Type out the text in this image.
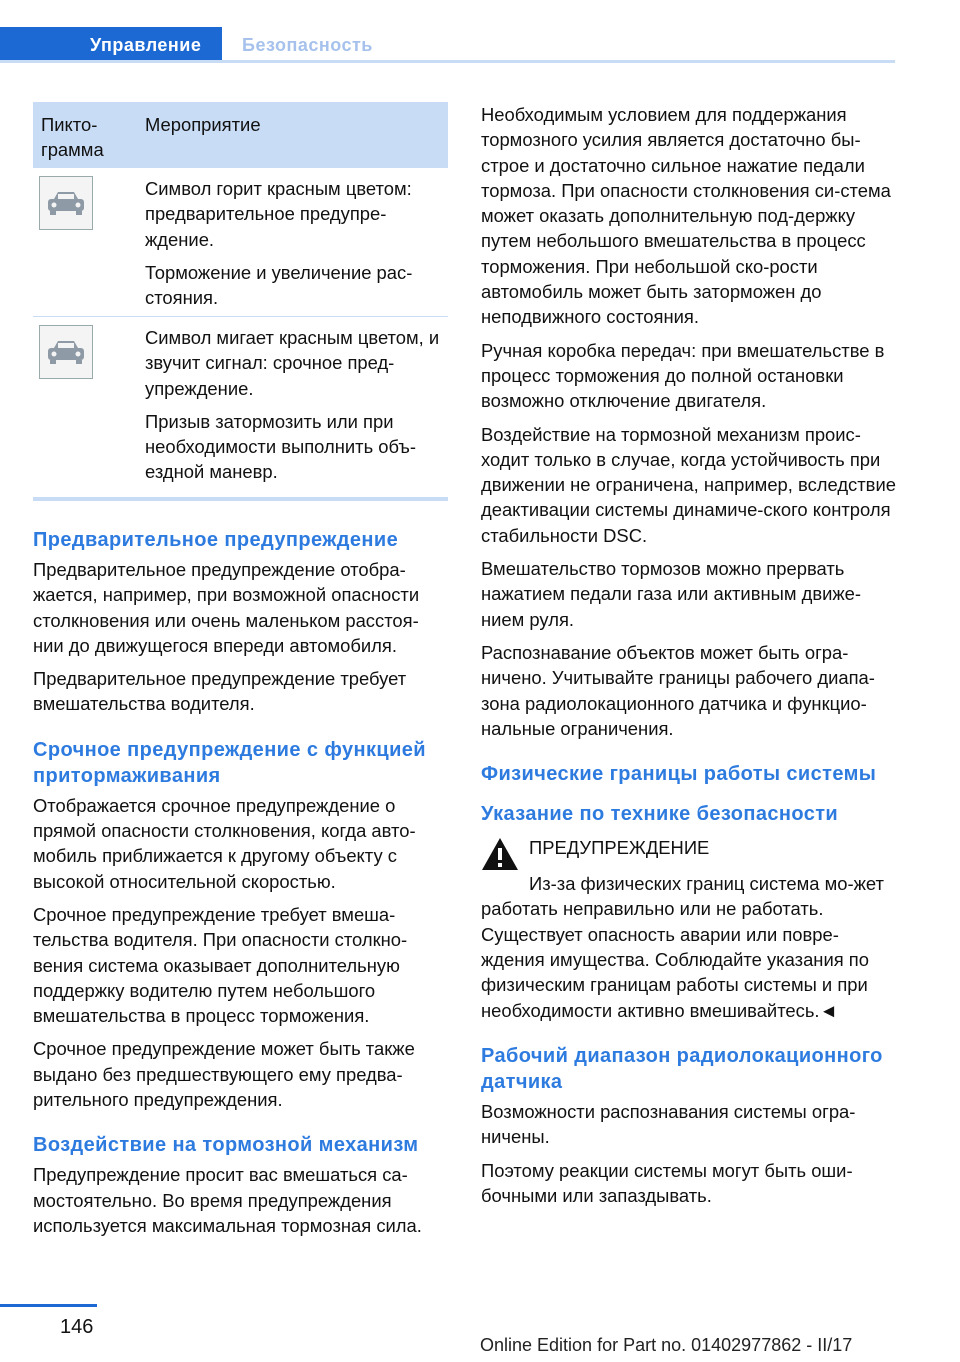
Управление	Безопасность
Пикто-
грамма
Мероприятие

Символ горит красным цветом: предварительное предупре-ждение.

Торможение и увеличение рас-стояния.

Символ мигает красным цветом, и звучит сигнал: срочное пред-упреждение.

Призыв затормозить или при необходимости выполнить объ-ездной маневр.

Предварительное предупреждение

Предварительное предупреждение отобра-жается, например, при возможной опасности столкновения или очень маленьком расстоя-нии до движущегося впереди автомобиля.

Предварительное предупреждение требует вмешательства водителя.

Срочное предупреждение с функцией притормаживания

Отображается срочное предупреждение о прямой опасности столкновения, когда авто-мобиль приближается к другому объекту с высокой относительной скоростью.

Срочное предупреждение требует вмеша-тельства водителя. При опасности столкно-вения система оказывает дополнительную поддержку водителю путем небольшого вмешательства в процесс торможения.

Срочное предупреждение может быть также выдано без предшествующего ему предва-рительного предупреждения.

Воздействие на тормозной механизм

Предупреждение просит вас вмешаться са-мостоятельно. Во время предупреждения используется максимальная тормозная сила.

Необходимым условием для поддержания тормозного усилия является достаточно бы-строе и достаточно сильное нажатие педали тормоза. При опасности столкновения си-стема может оказать дополнительную под-держку путем небольшого вмешательства в процесс торможения. При небольшой ско-рости автомобиль может быть заторможен до неподвижного состояния.

Ручная коробка передач: при вмешательстве в процесс торможения до полной остановки возможно отключение двигателя.

Воздействие на тормозной механизм проис-ходит только в случае, когда устойчивость при движении не ограничена, например, вследствие деактивации системы динамиче-ского контроля стабильности DSC.

Вмешательство тормозов можно прервать нажатием педали газа или активным движе-нием руля.

Распознавание объектов может быть огра-ничено. Учитывайте границы рабочего диапа-зона радиолокационного датчика и функцио-нальные ограничения.

Физические границы работы системы
Указание по технике безопасности
ПРЕДУПРЕЖДЕНИЕ

Из-за физических границ система мо-жет работать неправильно или не работать. Существует опасность аварии или повре-ждения имущества. Соблюдайте указания по физическим границам работы системы и при необходимости активно вмешивайтесь.◄

Рабочий диапазон радиолокационного датчика

Возможности распознавания системы огра-ничены.

Поэтому реакции системы могут быть оши-бочными или запаздывать.

146
Online Edition for Part no. 01402977862 - II/17
